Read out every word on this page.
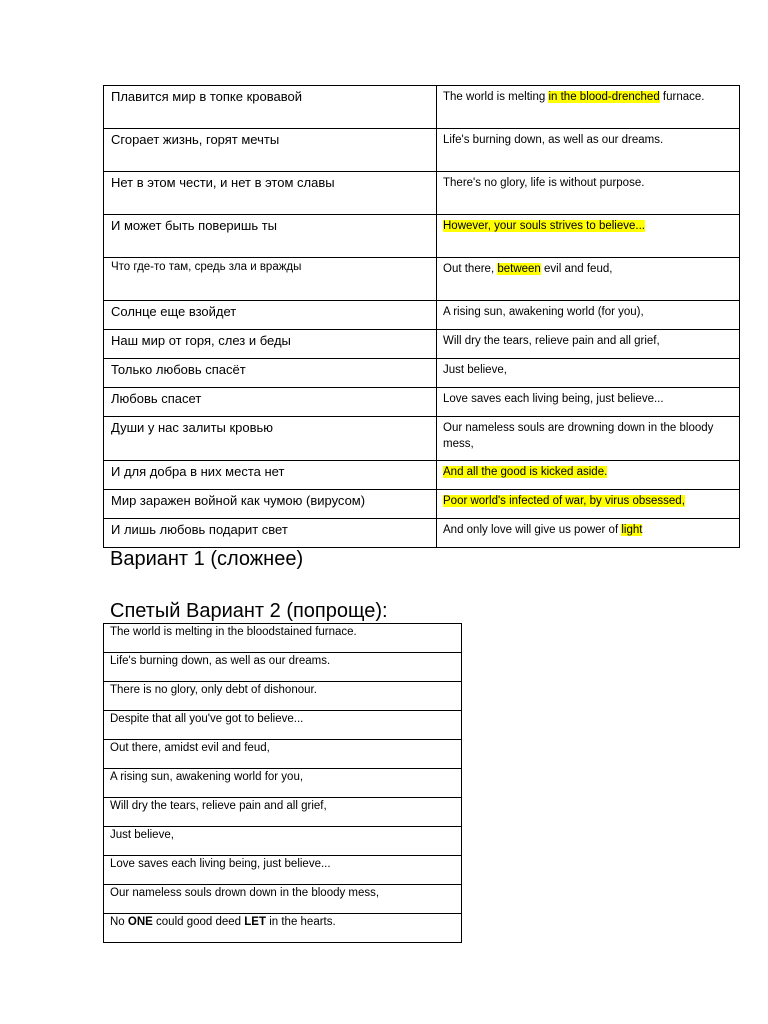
Плавится мир в топке кровавой	The world is melting in the blood-drenched furnace.
Сгорает жизнь, горят мечты	Life's burning down, as well as our dreams.
Нет в этом чести, и нет в этом славы	There's no glory, life is without purpose.
И может быть поверишь ты	However, your souls strives to believe...
Что где-то там, средь зла и вражды	Out there, between evil and feud,
Солнце еще взойдет	A rising sun, awakening world (for you),
Наш мир от горя, слез и беды	Will dry the tears, relieve pain and all grief,
Только любовь спасёт	Just believe,
Любовь спасет	Love saves each living being, just believe...
Души у нас залиты кровью	Our nameless souls are drowning down in the bloody mess,
И для добра в них места нет	And all the good is kicked aside.
Мир заражен войной как чумою (вирусом)	Poor world's infected of war, by virus obsessed,
И лишь любовь подарит свет	And only love will give us power of light

Вариант 1 (сложнее)

Спетый Вариант 2 (попроще):

The world is melting in the bloodstained furnace.
Life's burning down, as well as our dreams.
There is no glory, only debt of dishonour.
Despite that all you've got to believe...
Out there, amidst evil and feud,
A rising sun, awakening world for you,
Will dry the tears, relieve pain and all grief,
Just believe,
Love saves each living being, just believe...
Our nameless souls drown down in the bloody mess,
No ONE could good deed LET in the hearts.
